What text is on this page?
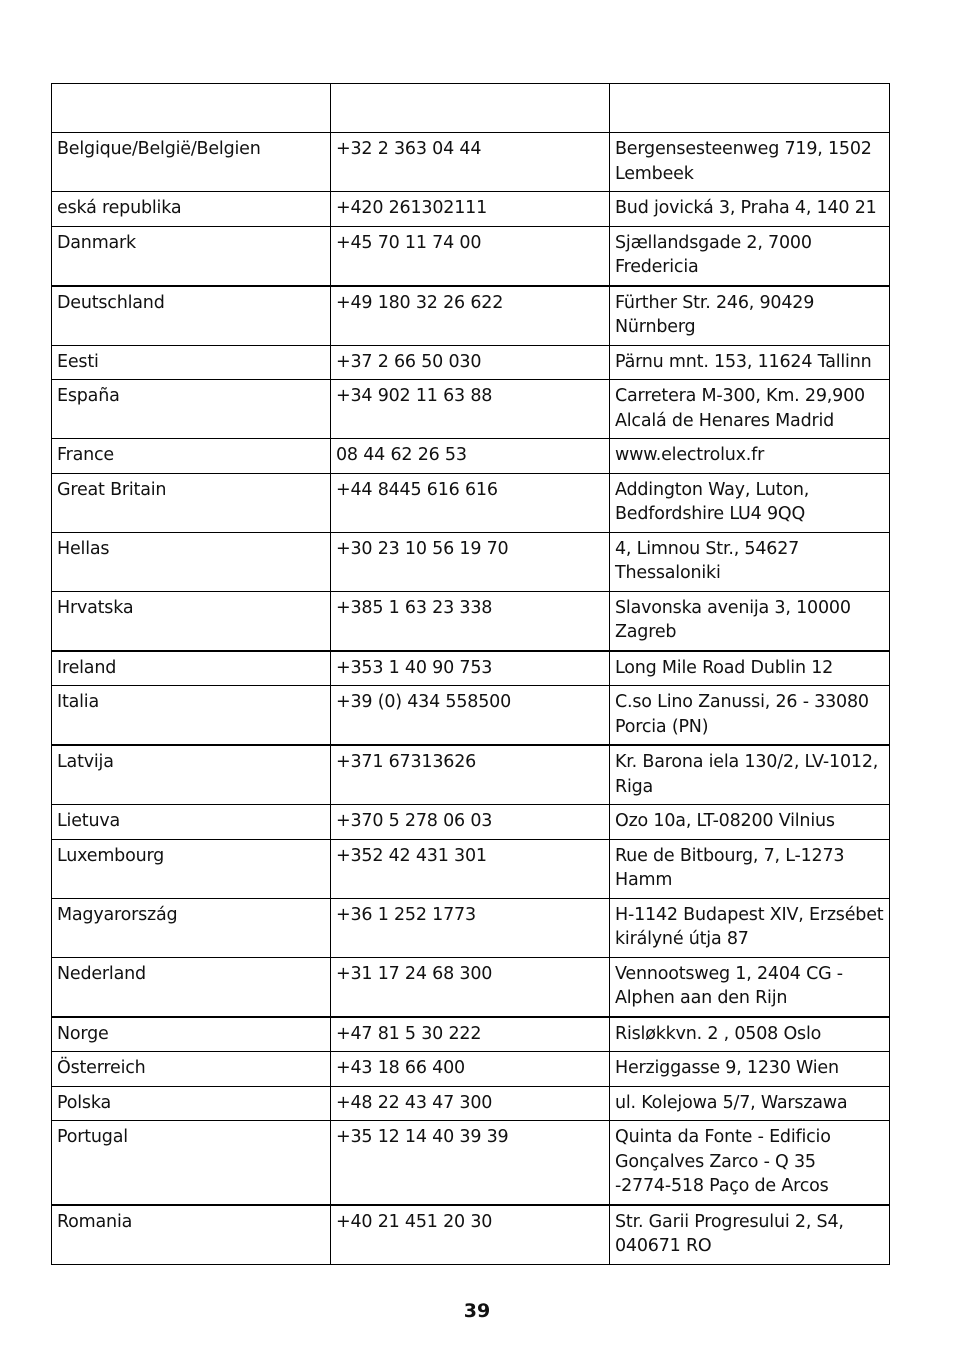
Belgique/België/Belgien	+32 2 363 04 44	Bergensesteenweg 719, 1502
Lembeek
eská republika	+420 261302111	Bud jovická 3, Praha 4, 140 21
Danmark	+45 70 11 74 00	Sjællandsgade 2, 7000 Fredericia
Deutschland	+49 180 32 26 622	Fürther Str. 246, 90429
Nürnberg
Eesti	+37 2 66 50 030	Pärnu mnt. 153, 11624 Tallinn
España	+34 902 11 63 88	Carretera M-300, Km. 29,900
Alcalá de Henares Madrid
France	08 44 62 26 53	www.electrolux.fr
Great Britain	+44 8445 616 616	Addington Way, Luton,
Bedfordshire LU4 9QQ
Hellas	+30 23 10 56 19 70	4, Limnou Str., 54627
Thessaloniki
Hrvatska	+385 1 63 23 338	Slavonska avenija 3, 10000
Zagreb
Ireland	+353 1 40 90 753	Long Mile Road Dublin 12
Italia	+39 (0) 434 558500	C.so Lino Zanussi, 26 - 33080
Porcia (PN)
Latvija	+371 67313626	Kr. Barona iela 130/2, LV-1012,
Riga
Lietuva	+370 5 278 06 03	Ozo 10a, LT-08200 Vilnius
Luxembourg	+352 42 431 301	Rue de Bitbourg, 7, L-1273
Hamm
Magyarország	+36 1 252 1773	H-1142 Budapest XIV, Erzsébet
királyné útja 87
Nederland	+31 17 24 68 300	Vennootsweg 1, 2404 CG -
Alphen aan den Rijn
Norge	+47 81 5 30 222	Risløkkvn. 2 , 0508 Oslo
Österreich	+43 18 66 400	Herziggasse 9, 1230 Wien
Polska	+48 22 43 47 300	ul. Kolejowa 5/7, Warszawa
Portugal	+35 12 14 40 39 39	Quinta da Fonte - Edificio
Gonçalves Zarco - Q 35
-2774-518 Paço de Arcos
Romania	+40 21 451 20 30	Str. Garii Progresului 2, S4,
040671 RO
39
